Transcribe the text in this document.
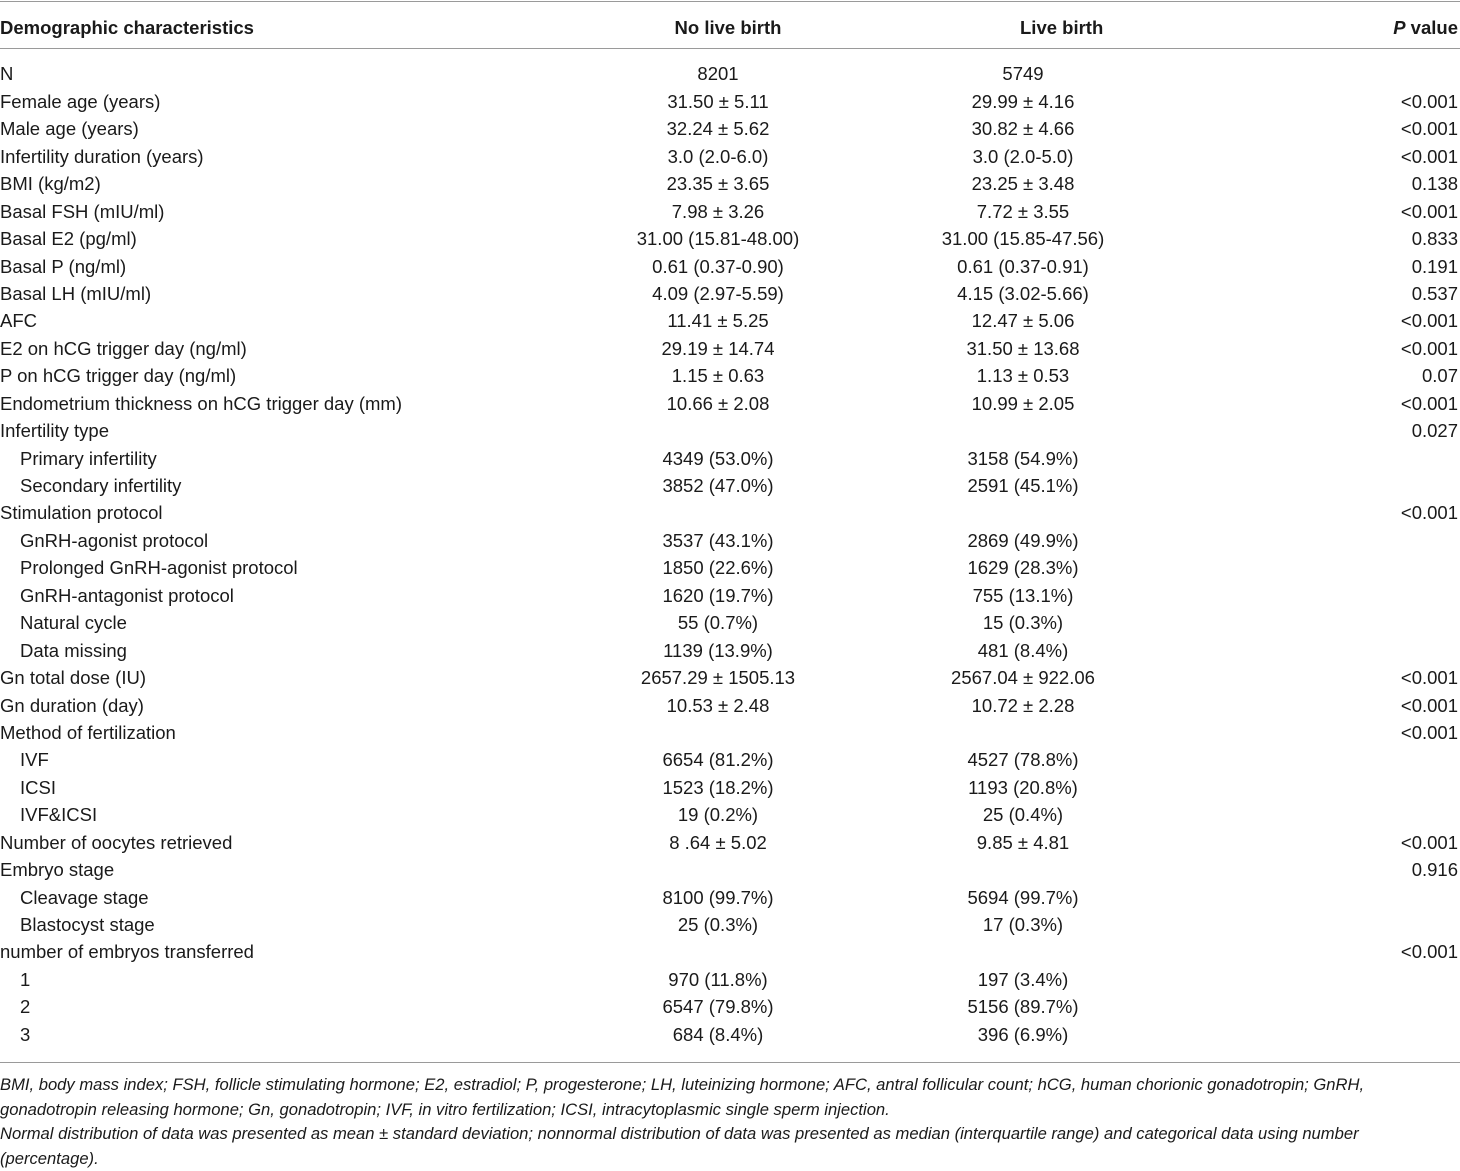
Demographic characteristics	No live birth	Live birth	P value
N	8201	5749	
Female age (years)	31.50 ± 5.11	29.99 ± 4.16	<0.001
Male age (years)	32.24 ± 5.62	30.82 ± 4.66	<0.001
Infertility duration (years)	3.0 (2.0-6.0)	3.0 (2.0-5.0)	<0.001
BMI (kg/m2)	23.35 ± 3.65	23.25 ± 3.48	0.138
Basal FSH (mIU/ml)	7.98 ± 3.26	7.72 ± 3.55	<0.001
Basal E2 (pg/ml)	31.00 (15.81-48.00)	31.00 (15.85-47.56)	0.833
Basal P (ng/ml)	0.61 (0.37-0.90)	0.61 (0.37-0.91)	0.191
Basal LH (mIU/ml)	4.09 (2.97-5.59)	4.15 (3.02-5.66)	0.537
AFC	11.41 ± 5.25	12.47 ± 5.06	<0.001
E2 on hCG trigger day (ng/ml)	29.19 ± 14.74	31.50 ± 13.68	<0.001
P on hCG trigger day (ng/ml)	1.15 ± 0.63	1.13 ± 0.53	0.07
Endometrium thickness on hCG trigger day (mm)	10.66 ± 2.08	10.99 ± 2.05	<0.001
Infertility type			0.027
Primary infertility	4349 (53.0%)	3158 (54.9%)	
Secondary infertility	3852 (47.0%)	2591 (45.1%)	
Stimulation protocol			<0.001
GnRH-agonist protocol	3537 (43.1%)	2869 (49.9%)	
Prolonged GnRH-agonist protocol	1850 (22.6%)	1629 (28.3%)	
GnRH-antagonist protocol	1620 (19.7%)	755 (13.1%)	
Natural cycle	55 (0.7%)	15 (0.3%)	
Data missing	1139 (13.9%)	481 (8.4%)	
Gn total dose (IU)	2657.29 ± 1505.13	2567.04 ± 922.06	<0.001
Gn duration (day)	10.53 ± 2.48	10.72 ± 2.28	<0.001
Method of fertilization			<0.001
IVF	6654 (81.2%)	4527 (78.8%)	
ICSI	1523 (18.2%)	1193 (20.8%)	
IVF&ICSI	19 (0.2%)	25 (0.4%)	
Number of oocytes retrieved	8 .64 ± 5.02	9.85 ± 4.81	<0.001
Embryo stage			0.916
Cleavage stage	8100 (99.7%)	5694 (99.7%)	
Blastocyst stage	25 (0.3%)	17 (0.3%)	
number of embryos transferred			<0.001
1	970 (11.8%)	197 (3.4%)	
2	6547 (79.8%)	5156 (89.7%)	
3	684 (8.4%)	396 (6.9%)	

BMI, body mass index; FSH, follicle stimulating hormone; E2, estradiol; P, progesterone; LH, luteinizing hormone; AFC, antral follicular count; hCG, human chorionic gonadotropin; GnRH, gonadotropin releasing hormone; Gn, gonadotropin; IVF, in vitro fertilization; ICSI, intracytoplasmic single sperm injection.

Normal distribution of data was presented as mean ± standard deviation; nonnormal distribution of data was presented as median (interquartile range) and categorical data using number (percentage).
